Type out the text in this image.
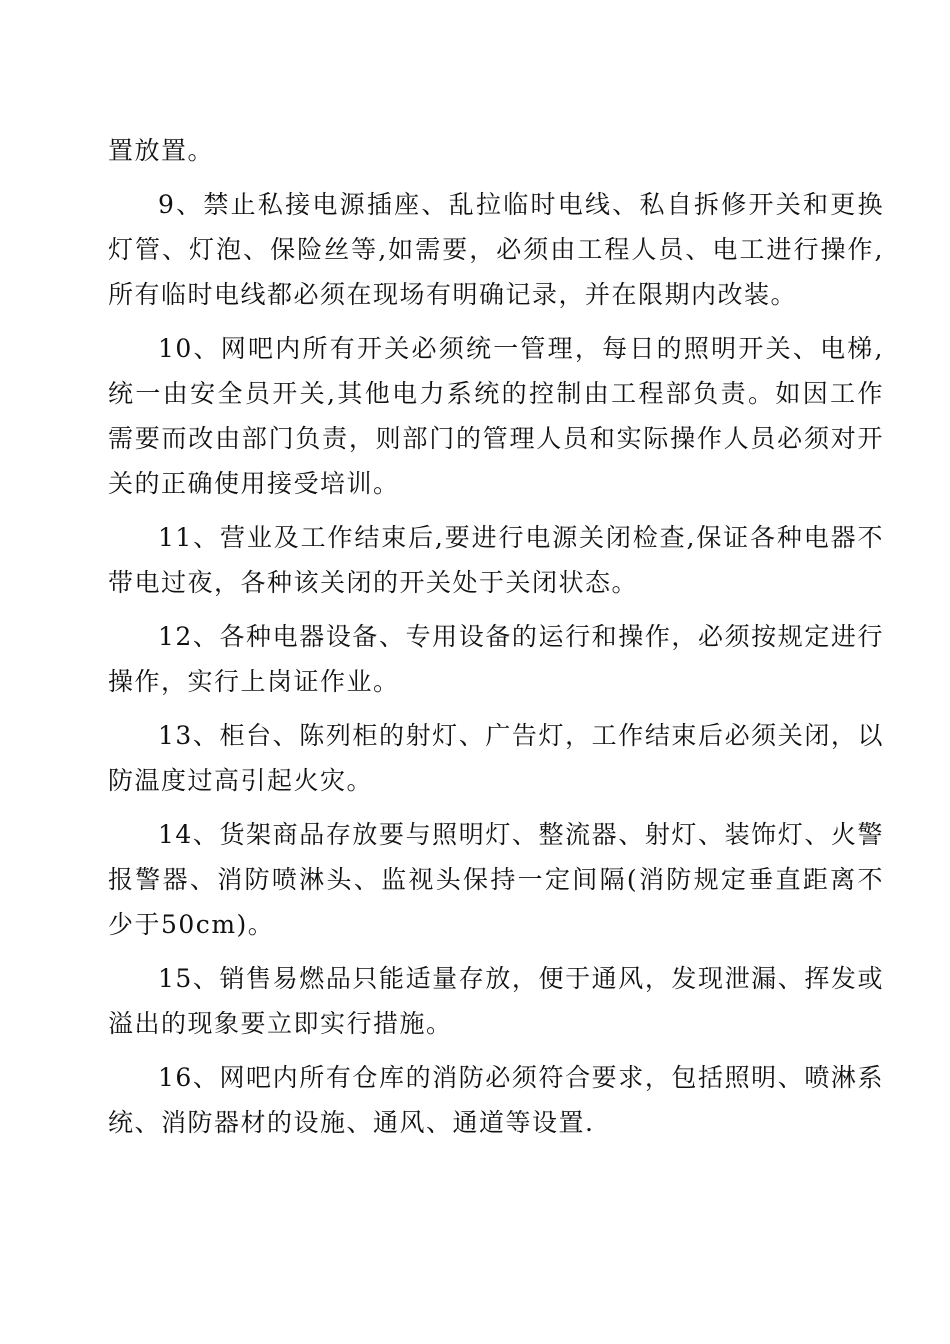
置放置。

9、禁止私接电源插座、乱拉临时电线、私自拆修开关和更换灯管、灯泡、保险丝等,如需要，必须由工程人员、电工进行操作,所有临时电线都必须在现场有明确记录，并在限期内改装。

10、网吧内所有开关必须统一管理，每日的照明开关、电梯,统一由安全员开关,其他电力系统的控制由工程部负责。如因工作需要而改由部门负责，则部门的管理人员和实际操作人员必须对开关的正确使用接受培训。

11、营业及工作结束后,要进行电源关闭检查,保证各种电器不带电过夜，各种该关闭的开关处于关闭状态。

12、各种电器设备、专用设备的运行和操作，必须按规定进行操作，实行上岗证作业。

13、柜台、陈列柜的射灯、广告灯，工作结束后必须关闭，以防温度过高引起火灾。

14、货架商品存放要与照明灯、整流器、射灯、装饰灯、火警报警器、消防喷淋头、监视头保持一定间隔(消防规定垂直距离不少于50cm)。

15、销售易燃品只能适量存放，便于通风，发现泄漏、挥发或溢出的现象要立即实行措施。

16、网吧内所有仓库的消防必须符合要求，包括照明、喷淋系统、消防器材的设施、通风、通道等设置.
